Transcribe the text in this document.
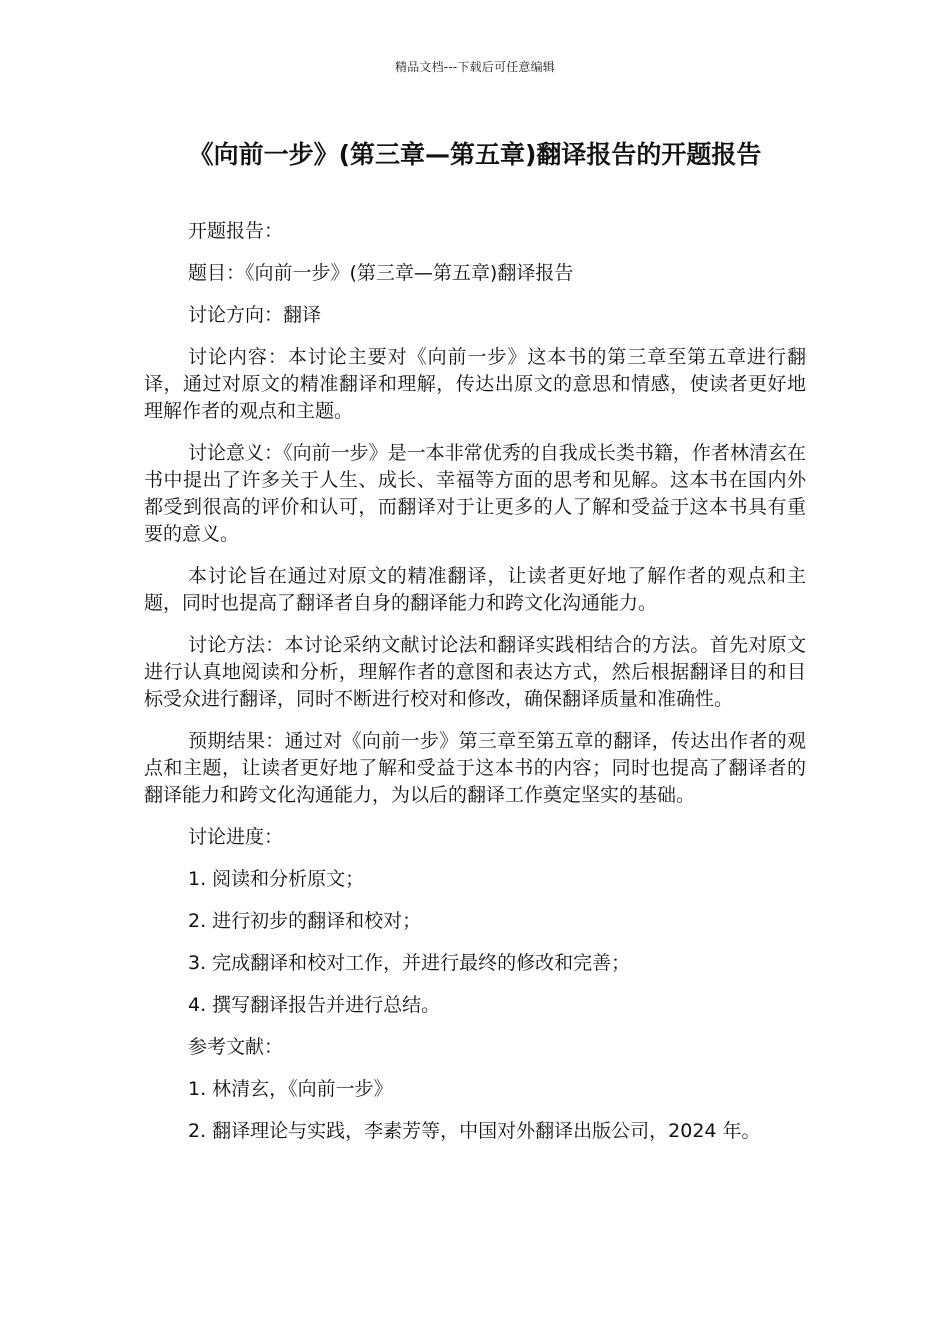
精品文档---下载后可任意编辑
《向前一步》(第三章—第五章)翻译报告的开题报告

开题报告：

题目：《向前一步》(第三章—第五章)翻译报告

讨论方向：翻译

讨论内容：本讨论主要对《向前一步》这本书的第三章至第五章进行翻译，通过对原文的精准翻译和理解，传达出原文的意思和情感，使读者更好地理解作者的观点和主题。

讨论意义：《向前一步》是一本非常优秀的自我成长类书籍，作者林清玄在书中提出了许多关于人生、成长、幸福等方面的思考和见解。这本书在国内外都受到很高的评价和认可，而翻译对于让更多的人了解和受益于这本书具有重要的意义。

本讨论旨在通过对原文的精准翻译，让读者更好地了解作者的观点和主题，同时也提高了翻译者自身的翻译能力和跨文化沟通能力。

讨论方法：本讨论采纳文献讨论法和翻译实践相结合的方法。首先对原文进行认真地阅读和分析，理解作者的意图和表达方式，然后根据翻译目的和目标受众进行翻译，同时不断进行校对和修改，确保翻译质量和准确性。

预期结果：通过对《向前一步》第三章至第五章的翻译，传达出作者的观点和主题，让读者更好地了解和受益于这本书的内容；同时也提高了翻译者的翻译能力和跨文化沟通能力，为以后的翻译工作奠定坚实的基础。

讨论进度：

1. 阅读和分析原文；

2. 进行初步的翻译和校对；

3. 完成翻译和校对工作，并进行最终的修改和完善；

4. 撰写翻译报告并进行总结。

参考文献：

1. 林清玄，《向前一步》

2. 翻译理论与实践，李素芳等，中国对外翻译出版公司，2024 年。
